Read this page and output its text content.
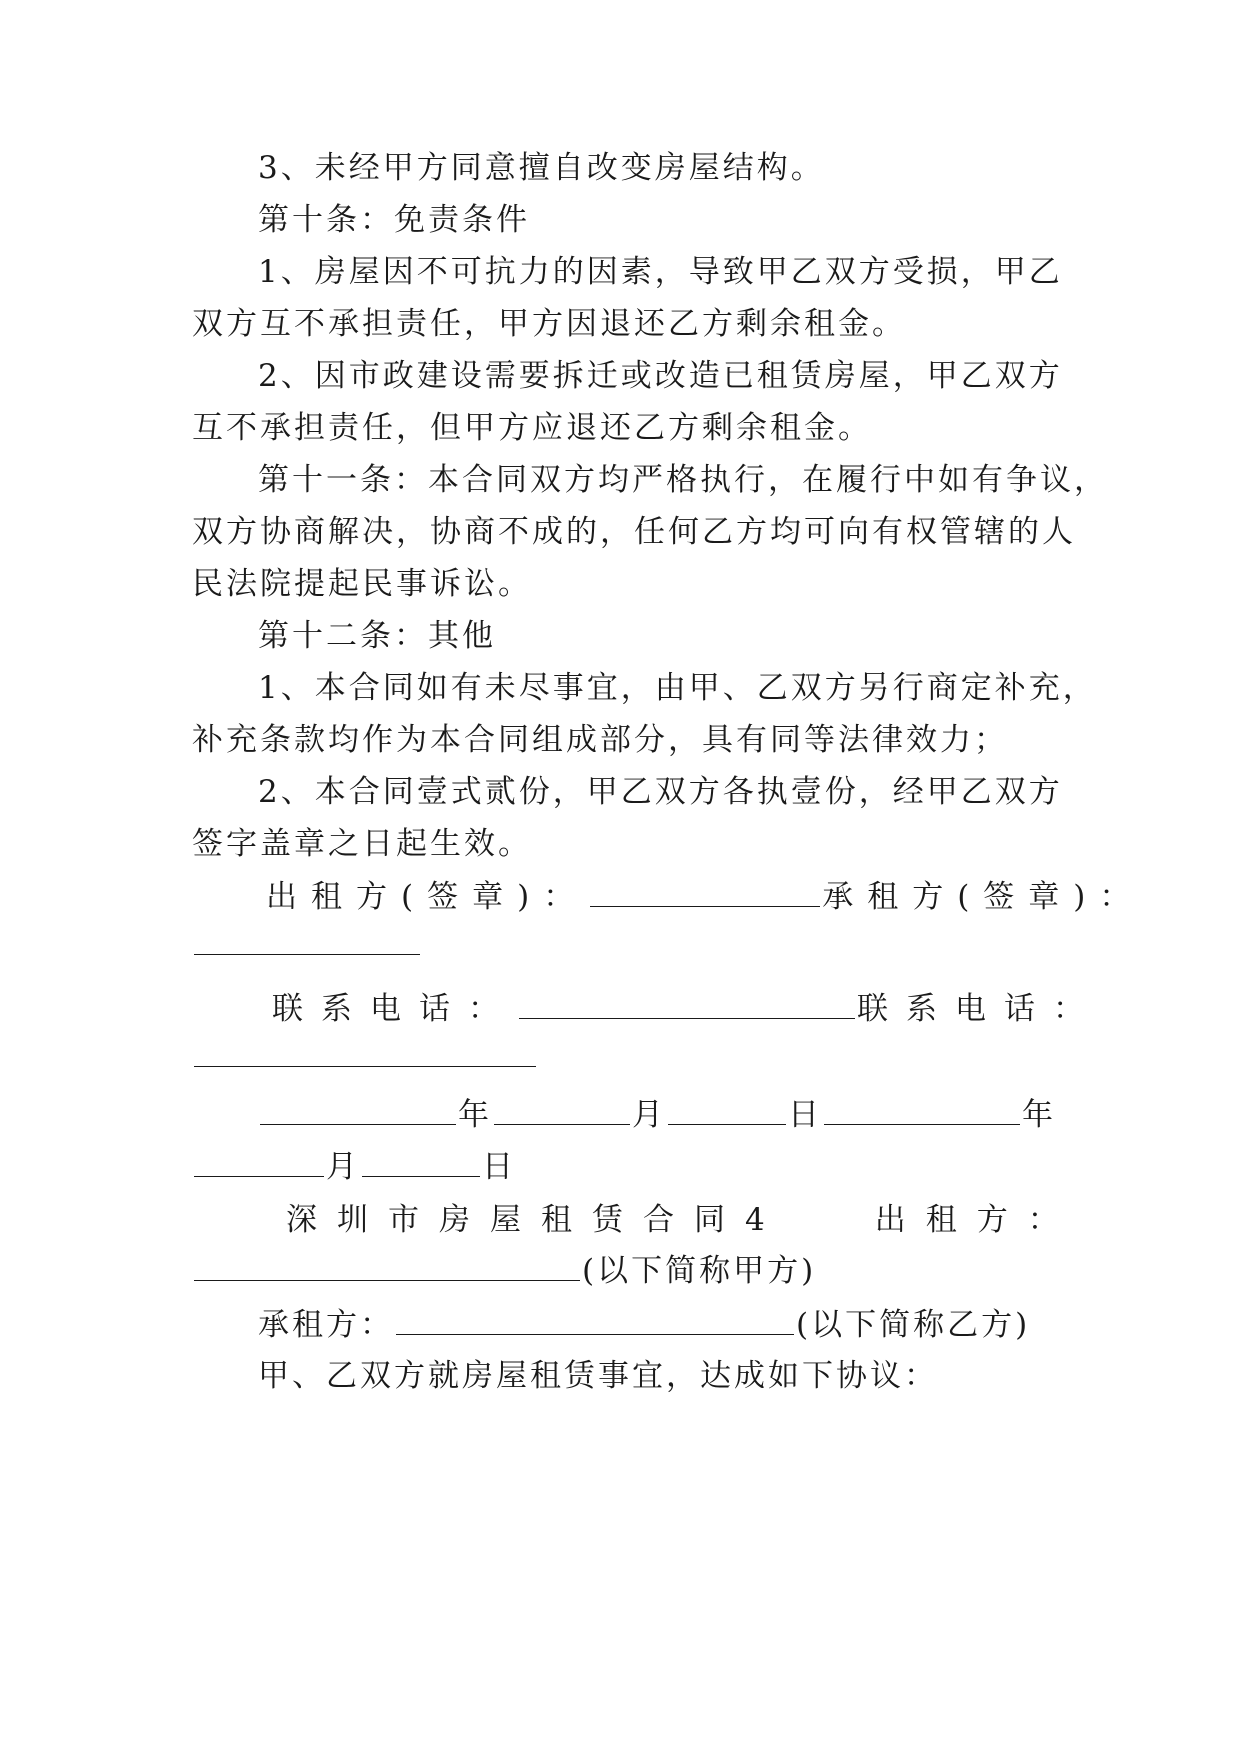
3、未经甲方同意擅自改变房屋结构。
第十条：免责条件
1、房屋因不可抗力的因素，导致甲乙双方受损，甲乙
双方互不承担责任，甲方因退还乙方剩余租金。
2、因市政建设需要拆迁或改造已租赁房屋，甲乙双方
互不承担责任，但甲方应退还乙方剩余租金。
第十一条：本合同双方均严格执行，在履行中如有争议，
双方协商解决，协商不成的，任何乙方均可向有权管辖的人
民法院提起民事诉讼。
第十二条：其他
1、本合同如有未尽事宜，由甲、乙双方另行商定补充，
补充条款均作为本合同组成部分，具有同等法律效力；
2、本合同壹式贰份，甲乙双方各执壹份，经甲乙双方
签字盖章之日起生效。
出租方(签章)：	承租方(签章)：
联系电话：	联系电话：
年	月	日	年
月	日
深圳市房屋租赁合同4	出租方：
(以下简称甲方)
承租方：	(以下简称乙方)
甲、乙双方就房屋租赁事宜，达成如下协议：
